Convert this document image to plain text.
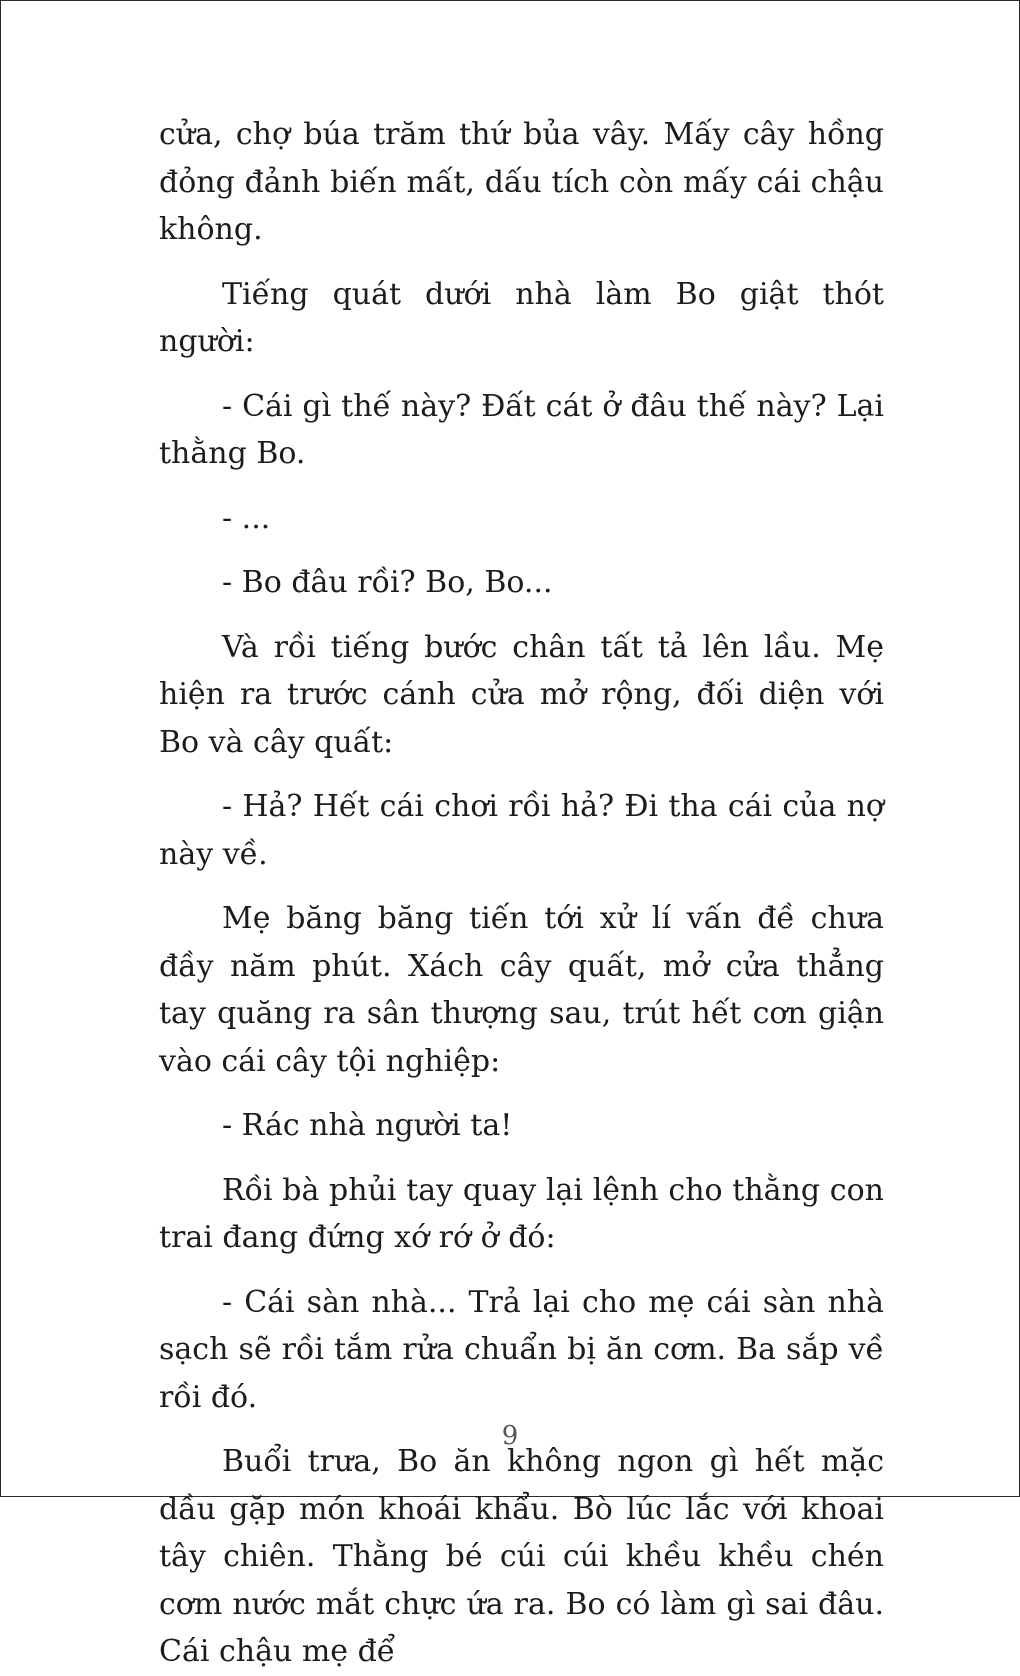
cửa, chợ búa trăm thứ bủa vây. Mấy cây hồng đỏng đảnh biến mất, dấu tích còn mấy cái chậu không.

Tiếng quát dưới nhà làm Bo giật thót người:

- Cái gì thế này? Đất cát ở đâu thế này? Lại thằng Bo.

- ...

- Bo đâu rồi? Bo, Bo...

Và rồi tiếng bước chân tất tả lên lầu. Mẹ hiện ra trước cánh cửa mở rộng, đối diện với Bo và cây quất:

- Hả? Hết cái chơi rồi hả? Đi tha cái của nợ này về.

Mẹ băng băng tiến tới xử lí vấn đề chưa đầy năm phút. Xách cây quất, mở cửa thẳng tay quăng ra sân thượng sau, trút hết cơn giận vào cái cây tội nghiệp:

- Rác nhà người ta!

Rồi bà phủi tay quay lại lệnh cho thằng con trai đang đứng xớ rớ ở đó:

- Cái sàn nhà... Trả lại cho mẹ cái sàn nhà sạch sẽ rồi tắm rửa chuẩn bị ăn cơm. Ba sắp về rồi đó.

Buổi trưa, Bo ăn không ngon gì hết mặc dầu gặp món khoái khẩu. Bò lúc lắc với khoai tây chiên. Thằng bé cúi cúi khều khều chén cơm nước mắt chực ứa ra. Bo có làm gì sai đâu. Cái chậu mẹ để

9
